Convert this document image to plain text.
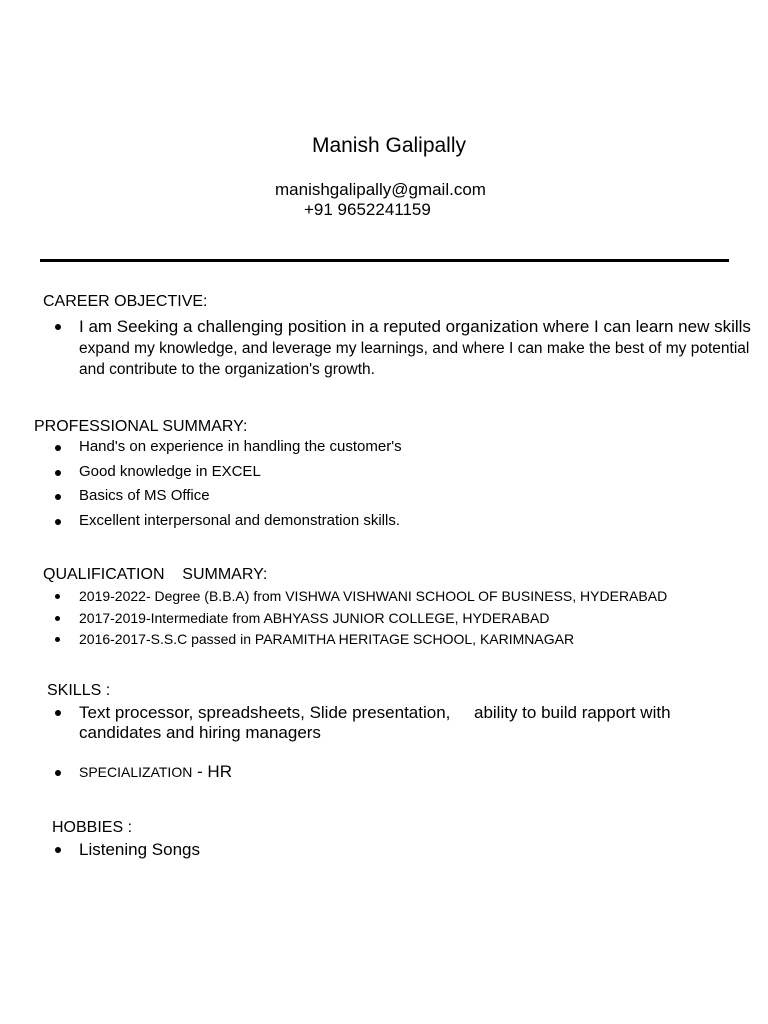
Manish Galipally
manishgalipally@gmail.com
+91 9652241159
CAREER OBJECTIVE:
I am Seeking a challenging position in a reputed organization where I can learn new skills expand my knowledge, and leverage my learnings, and where I can make the best of my potential and contribute to the organization's growth.
PROFESSIONAL SUMMARY:
Hand's on experience in handling the customer's
Good knowledge in EXCEL
Basics of MS Office
Excellent interpersonal and demonstration skills.
QUALIFICATION    SUMMARY:
2019-2022- Degree (B.B.A) from VISHWA VISHWANI SCHOOL OF BUSINESS, HYDERABAD
2017-2019-Intermediate from ABHYASS JUNIOR COLLEGE, HYDERABAD
2016-2017-S.S.C passed in PARAMITHA HERITAGE SCHOOL, KARIMNAGAR
SKILLS :
Text processor, spreadsheets, Slide presentation,     ability to build rapport with candidates and hiring managers
SPECIALIZATION - HR
HOBBIES :
Listening Songs
